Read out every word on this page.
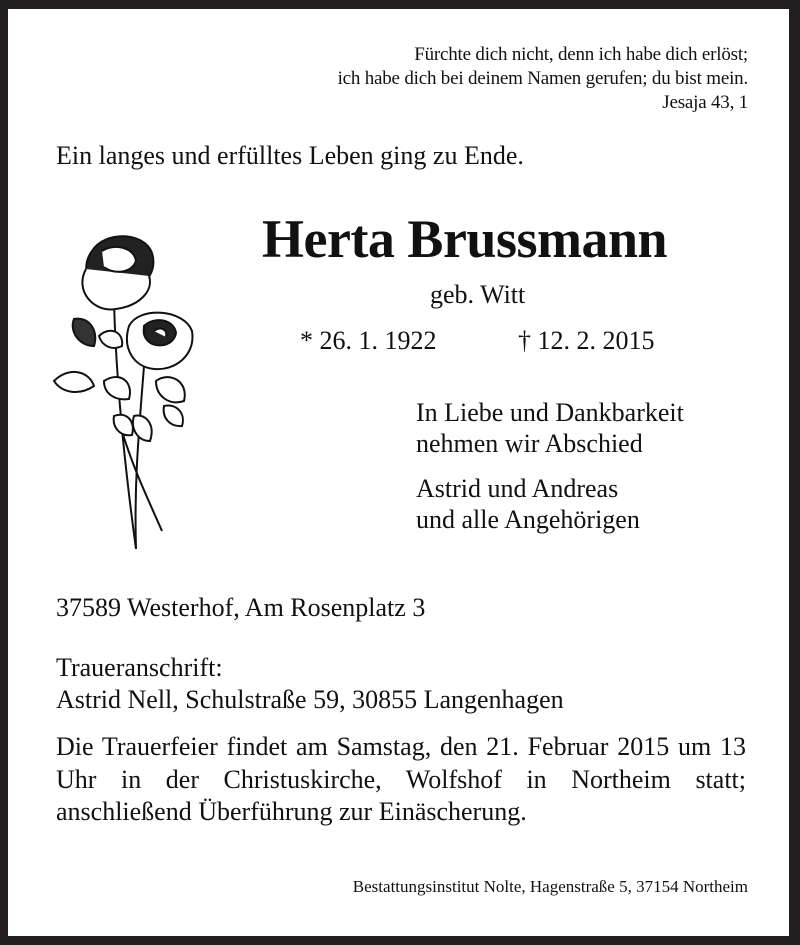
Fürchte dich nicht, denn ich habe dich erlöst;
ich habe dich bei deinem Namen gerufen; du bist mein.
Jesaja 43, 1
Ein langes und erfülltes Leben ging zu Ende.
Herta Brussmann
geb. Witt
* 26. 1. 1922	† 12. 2. 2015
In Liebe und Dankbarkeit
nehmen wir Abschied
Astrid und Andreas
und alle Angehörigen
37589 Westerhof, Am Rosenplatz 3
Traueranschrift:
Astrid Nell, Schulstraße 59, 30855 Langenhagen
Die Trauerfeier findet am Samstag, den 21. Februar 2015 um 13 Uhr in der Christuskirche, Wolfshof in Northeim statt; anschließend Überführung zur Einäscherung.
Bestattungsinstitut Nolte, Hagenstraße 5, 37154 Northeim
